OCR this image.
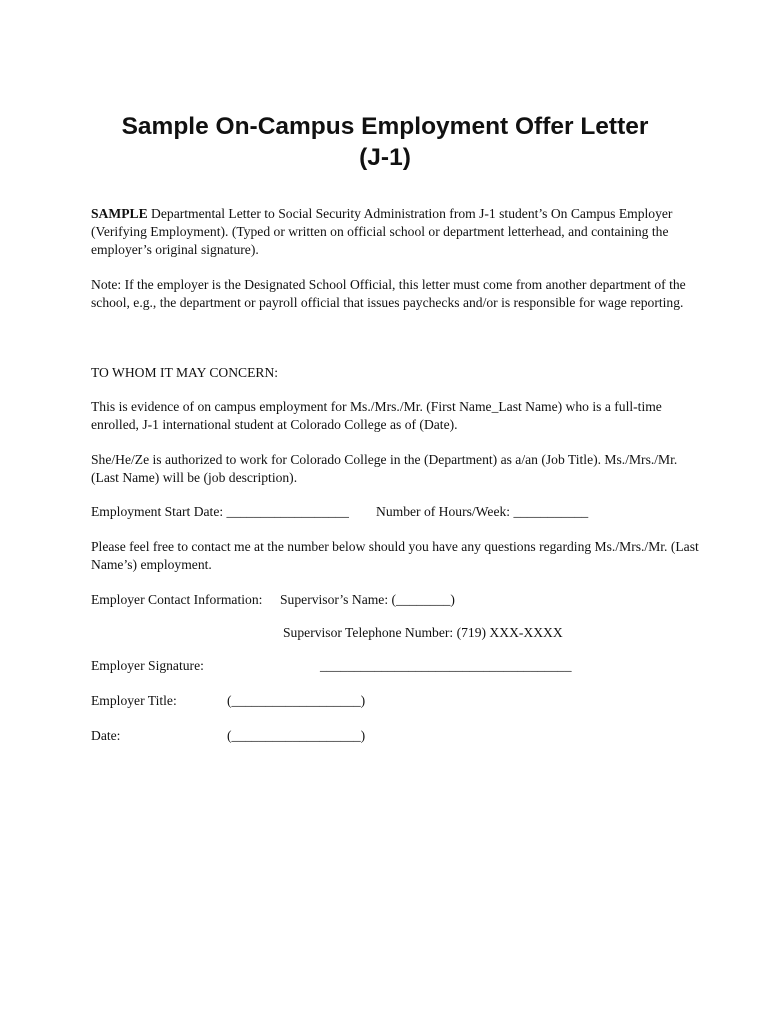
Sample On-Campus Employment Offer Letter
(J-1)

SAMPLE Departmental Letter to Social Security Administration from J-1 student’s On Campus Employer (Verifying Employment). (Typed or written on official school or department letterhead, and containing the employer’s original signature).

Note: If the employer is the Designated School Official, this letter must come from another department of the school, e.g., the department or payroll official that issues paychecks and/or is responsible for wage reporting.

TO WHOM IT MAY CONCERN:

This is evidence of on campus employment for Ms./Mrs./Mr. (First Name_Last Name) who is a full-time enrolled, J-1 international student at Colorado College as of (Date).

She/He/Ze is authorized to work for Colorado College in the (Department) as a/an (Job Title). Ms./Mrs./Mr. (Last Name) will be (job description).

Employment Start Date: __________________ Number of Hours/Week: ___________

Please feel free to contact me at the number below should you have any questions regarding Ms./Mrs./Mr. (Last Name’s) employment.

Employer Contact Information: Supervisor’s Name: (________)

Supervisor Telephone Number: (719) XXX-XXXX

Employer Signature:	_____________________________________

Employer Title:	(___________________)

Date:	(___________________)
